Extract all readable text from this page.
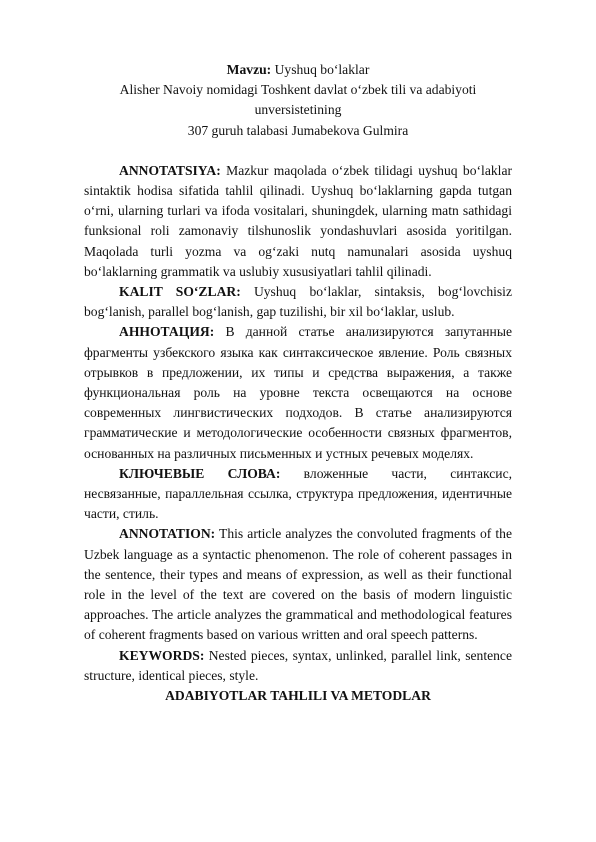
Mavzu: Uyshuq bo‘laklar

Alisher Navoiy nomidagi Toshkent davlat o‘zbek tili va adabiyoti unversistetining

307 guruh talabasi Jumabekova Gulmira

ANNOTATSIYA: Mazkur maqolada o‘zbek tilidagi uyshuq bo‘laklar sintaktik hodisa sifatida tahlil qilinadi. Uyshuq bo‘laklarning gapda tutgan o‘rni, ularning turlari va ifoda vositalari, shuningdek, ularning matn sathidagi funksional roli zamonaviy tilshunoslik yondashuvlari asosida yoritilgan. Maqolada turli yozma va og‘zaki nutq namunalari asosida uyshuq bo‘laklarning grammatik va uslubiy xususiyatlari tahlil qilinadi.

KALIT SO‘ZLAR: Uyshuq bo‘laklar, sintaksis, bog‘lovchisiz bog‘lanish, parallel bog‘lanish, gap tuzilishi, bir xil bo‘laklar, uslub.

АННОТАЦИЯ: В данной статье анализируются запутанные фрагменты узбекского языка как синтаксическое явление. Роль связных отрывков в предложении, их типы и средства выражения, а также функциональная роль на уровне текста освещаются на основе современных лингвистических подходов. В статье анализируются грамматические и методологические особенности связных фрагментов, основанных на различных письменных и устных речевых моделях.

КЛЮЧЕВЫЕ СЛОВА: вложенные части, синтаксис, несвязанные, параллельная ссылка, структура предложения, идентичные части, стиль.

ANNOTATION: This article analyzes the convoluted fragments of the Uzbek language as a syntactic phenomenon. The role of coherent passages in the sentence, their types and means of expression, as well as their functional role in the level of the text are covered on the basis of modern linguistic approaches. The article analyzes the grammatical and methodological features of coherent fragments based on various written and oral speech patterns.

KEYWORDS: Nested pieces, syntax, unlinked, parallel link, sentence structure, identical pieces, style.

ADABIYOTLAR TAHLILI VA METODLAR
